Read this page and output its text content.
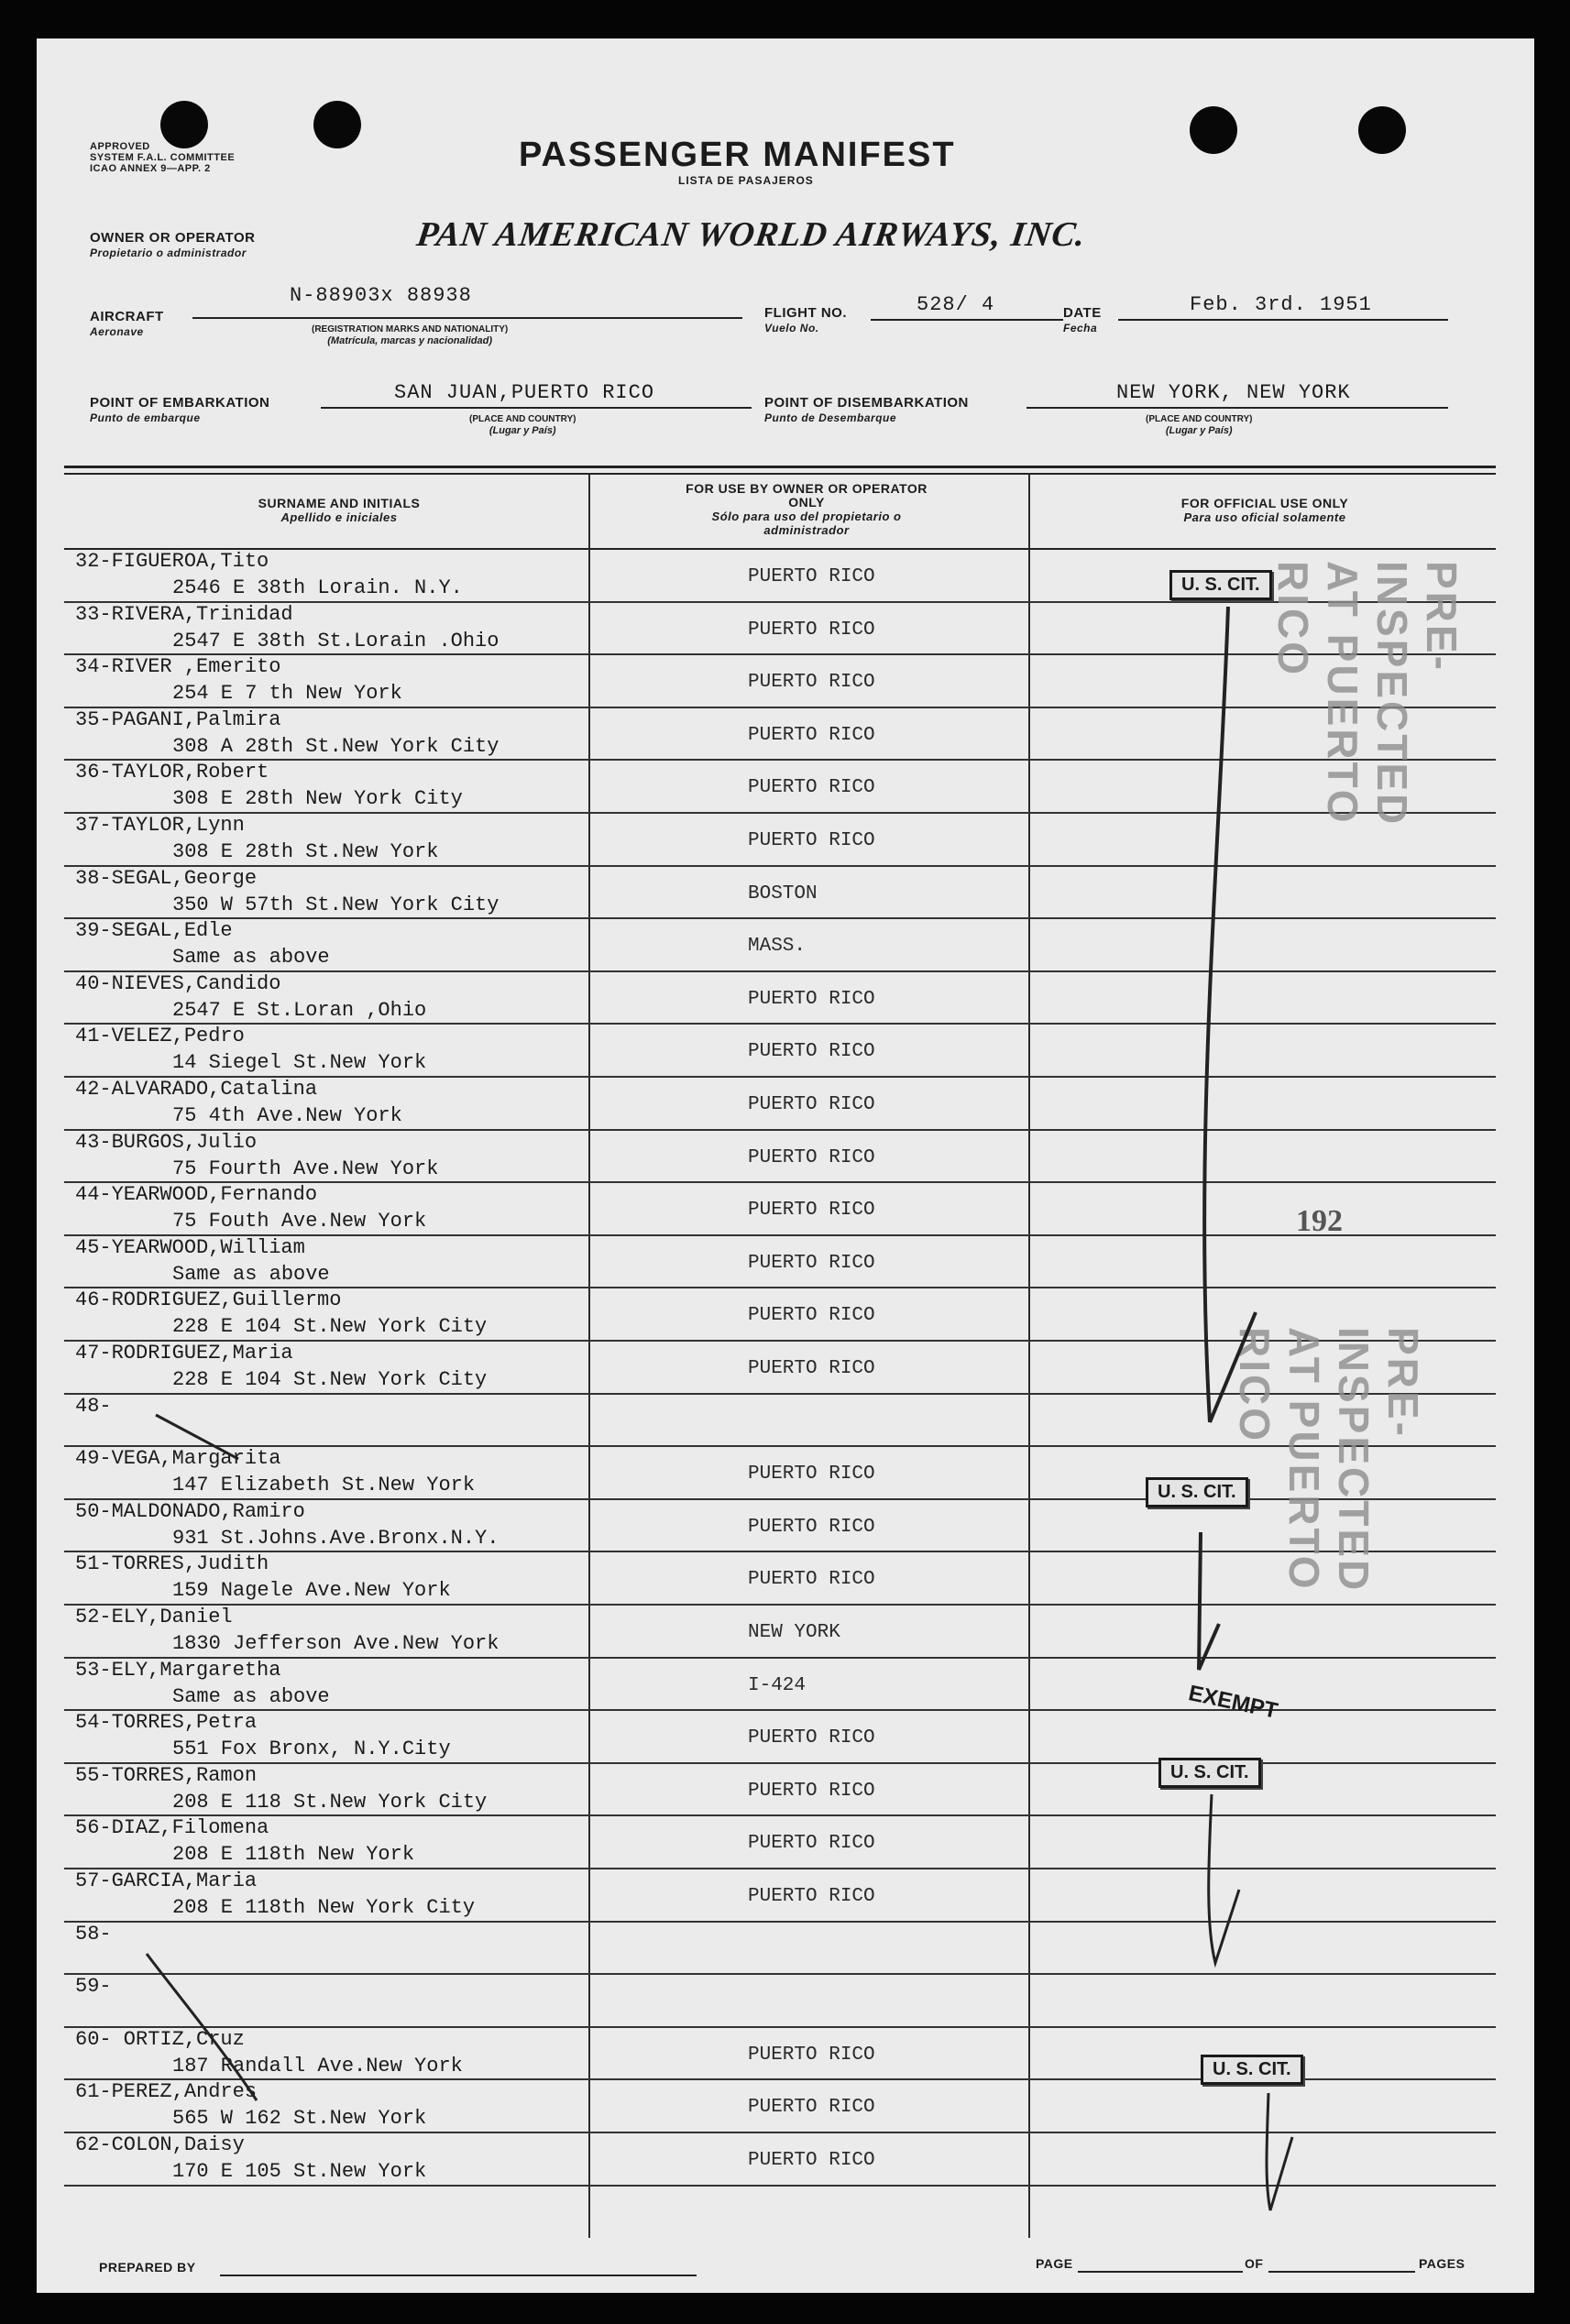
APPROVED
SYSTEM F.A.L. COMMITTEE
ICAO ANNEX 9—APP. 2	PASSENGER MANIFEST
LISTA DE PASAJEROS
OWNER OR OPERATOR
Propietario o administrador	PAN AMERICAN WORLD AIRWAYS, INC.
AIRCRAFT
Aeronave
N-88903x 88938
(REGISTRATION MARKS AND NATIONALITY)
(Matrícula, marcas y nacionalidad)
FLIGHT NO.
Vuelo No.
528/ 4	DATE
Fecha
Feb. 3rd. 1951
POINT OF EMBARKATION
Punto de embarque
SAN JUAN,PUERTO RICO
(PLACE AND COUNTRY)
(Lugar y País)
POINT OF DISEMBARKATION
Punto de Desembarque
NEW YORK, NEW YORK
(PLACE AND COUNTRY)
(Lugar y País)
SURNAME AND INITIALS
Apellido e iniciales
FOR USE BY OWNER OR OPERATOR ONLY
Sólo para uso del propietario o administrador
FOR OFFICIAL USE ONLY
Para uso oficial solamente
32-FIGUEROA,Tito
2546 E 38th Lorain. N.Y.	PUERTO RICO
33-RIVERA,Trinidad
2547 E 38th St.Lorain .Ohio	PUERTO RICO
34-RIVER ,Emerito
254 E 7 th New York	PUERTO RICO
35-PAGANI,Palmira
308 A 28th St.New York City	PUERTO RICO
36-TAYLOR,Robert
308 E 28th New York City	PUERTO RICO
37-TAYLOR,Lynn
308 E 28th St.New York	PUERTO RICO
38-SEGAL,George
350 W 57th St.New York City	BOSTON
39-SEGAL,Edle
Same as above	MASS.
40-NIEVES,Candido
2547 E St.Loran ,Ohio	PUERTO RICO
41-VELEZ,Pedro
14 Siegel St.New York	PUERTO RICO
42-ALVARADO,Catalina
75 4th Ave.New York	PUERTO RICO
43-BURGOS,Julio
75 Fourth Ave.New York	PUERTO RICO
44-YEARWOOD,Fernando
75 Fouth Ave.New York	PUERTO RICO
45-YEARWOOD,William
Same as above	PUERTO RICO
46-RODRIGUEZ,Guillermo
228 E 104 St.New York City	PUERTO RICO
47-RODRIGUEZ,Maria
228 E 104 St.New York City	PUERTO RICO
48-
49-VEGA,Margarita
147 Elizabeth St.New York	PUERTO RICO
50-MALDONADO,Ramiro
931 St.Johns.Ave.Bronx.N.Y.	PUERTO RICO
51-TORRES,Judith
159 Nagele Ave.New York	PUERTO RICO
52-ELY,Daniel
1830 Jefferson Ave.New York	NEW YORK
53-ELY,Margaretha
Same as above	I-424
54-TORRES,Petra
551 Fox Bronx, N.Y.City	PUERTO RICO
55-TORRES,Ramon
208 E 118 St.New York City	PUERTO RICO
56-DIAZ,Filomena
208 E 118th New York	PUERTO RICO
57-GARCIA,Maria
208 E 118th New York City	PUERTO RICO
58-
59-
60- ORTIZ,Cruz
187 Randall Ave.New York	PUERTO RICO
61-PEREZ,Andres
565 W 162 St.New York	PUERTO RICO
62-COLON,Daisy
170 E 105 St.New York	PUERTO RICO
U. S. CIT.
U. S. CIT.
U. S. CIT.
U. S. CIT.
EXEMPT
192
PRE-INSPECTED AT PUERTO RICO
PRE-INSPECTED AT PUERTO RICO
PREPARED BY	PAGE	OF	PAGES
